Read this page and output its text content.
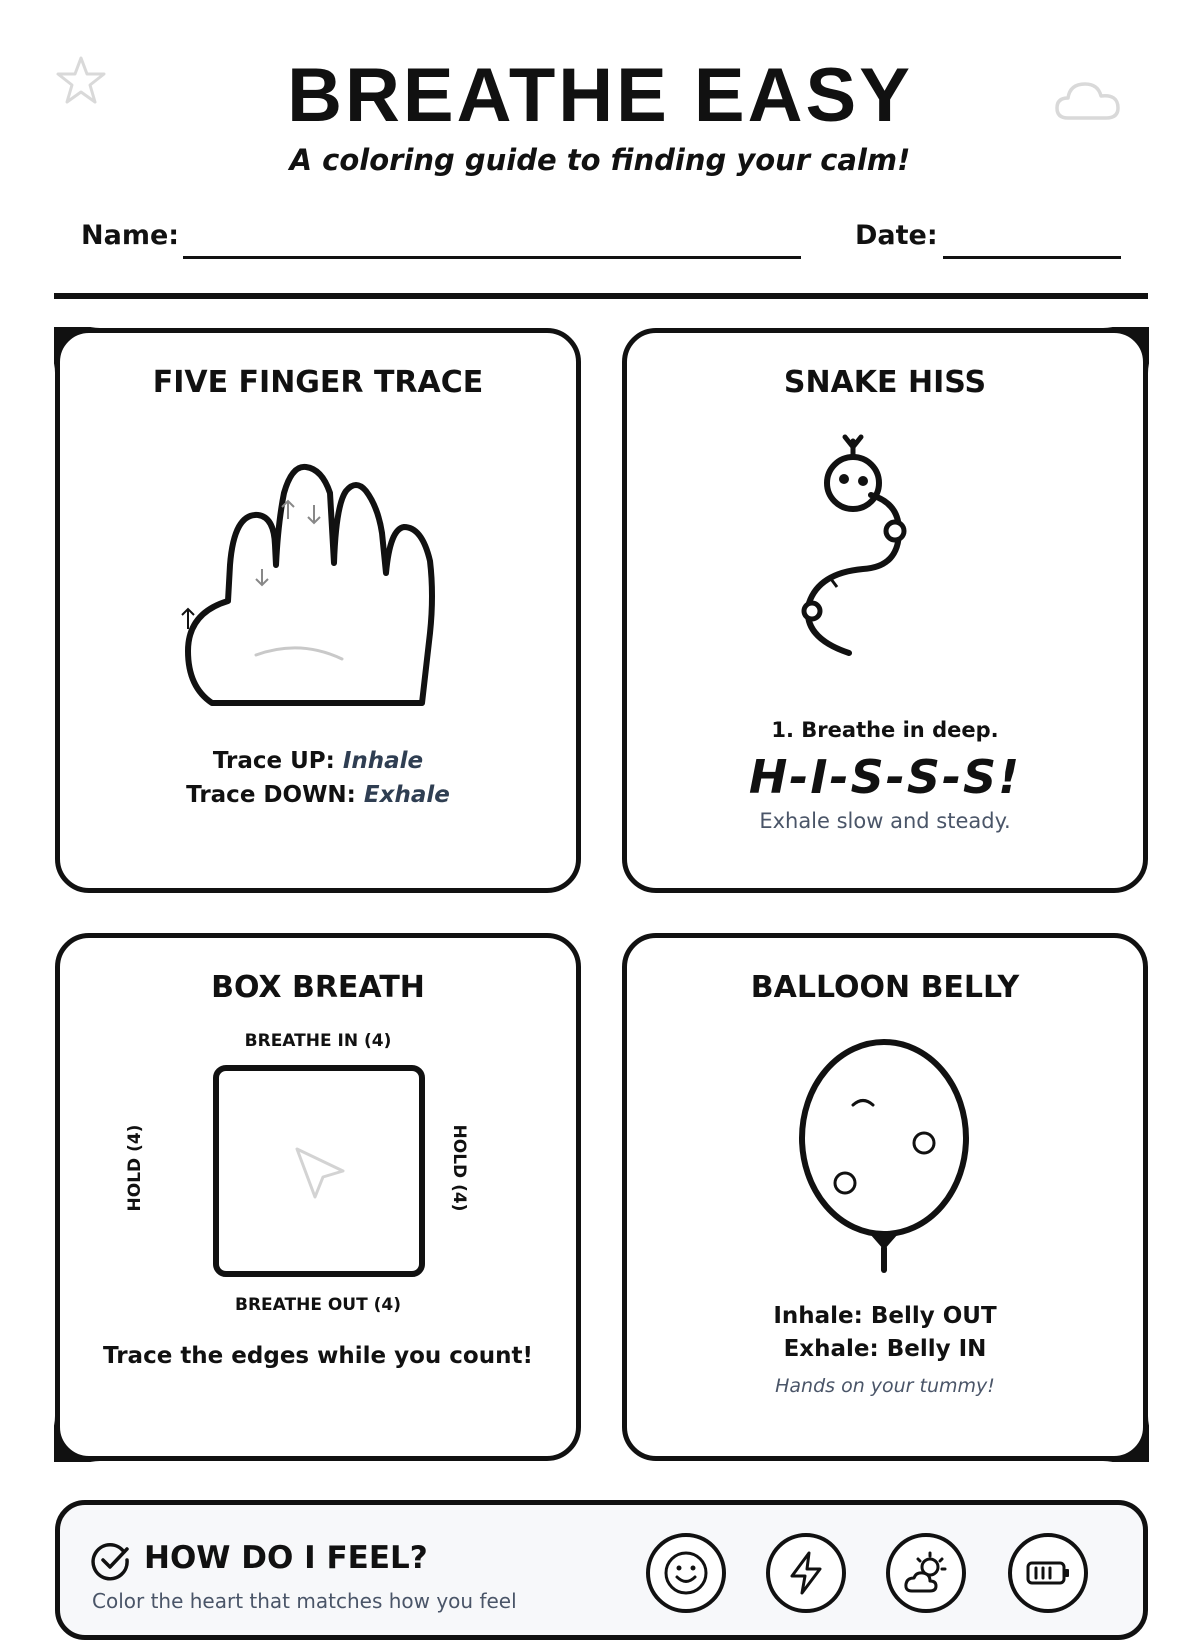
BREATHE EASY
A coloring guide to finding your calm!
Name:	Date:
FIVE FINGER TRACE
Trace UP: Inhale
Trace DOWN: Exhale
SNAKE HISS
1. Breathe in deep.
H-I-S-S-S!
Exhale slow and steady.
BOX BREATH
BREATHE IN (4)
HOLD (4)	HOLD (4)
BREATHE OUT (4)
Trace the edges while you count!
BALLOON BELLY
Inhale: Belly OUT
Exhale: Belly IN
Hands on your tummy!
HOW DO I FEEL?
Color the heart that matches how you feel
